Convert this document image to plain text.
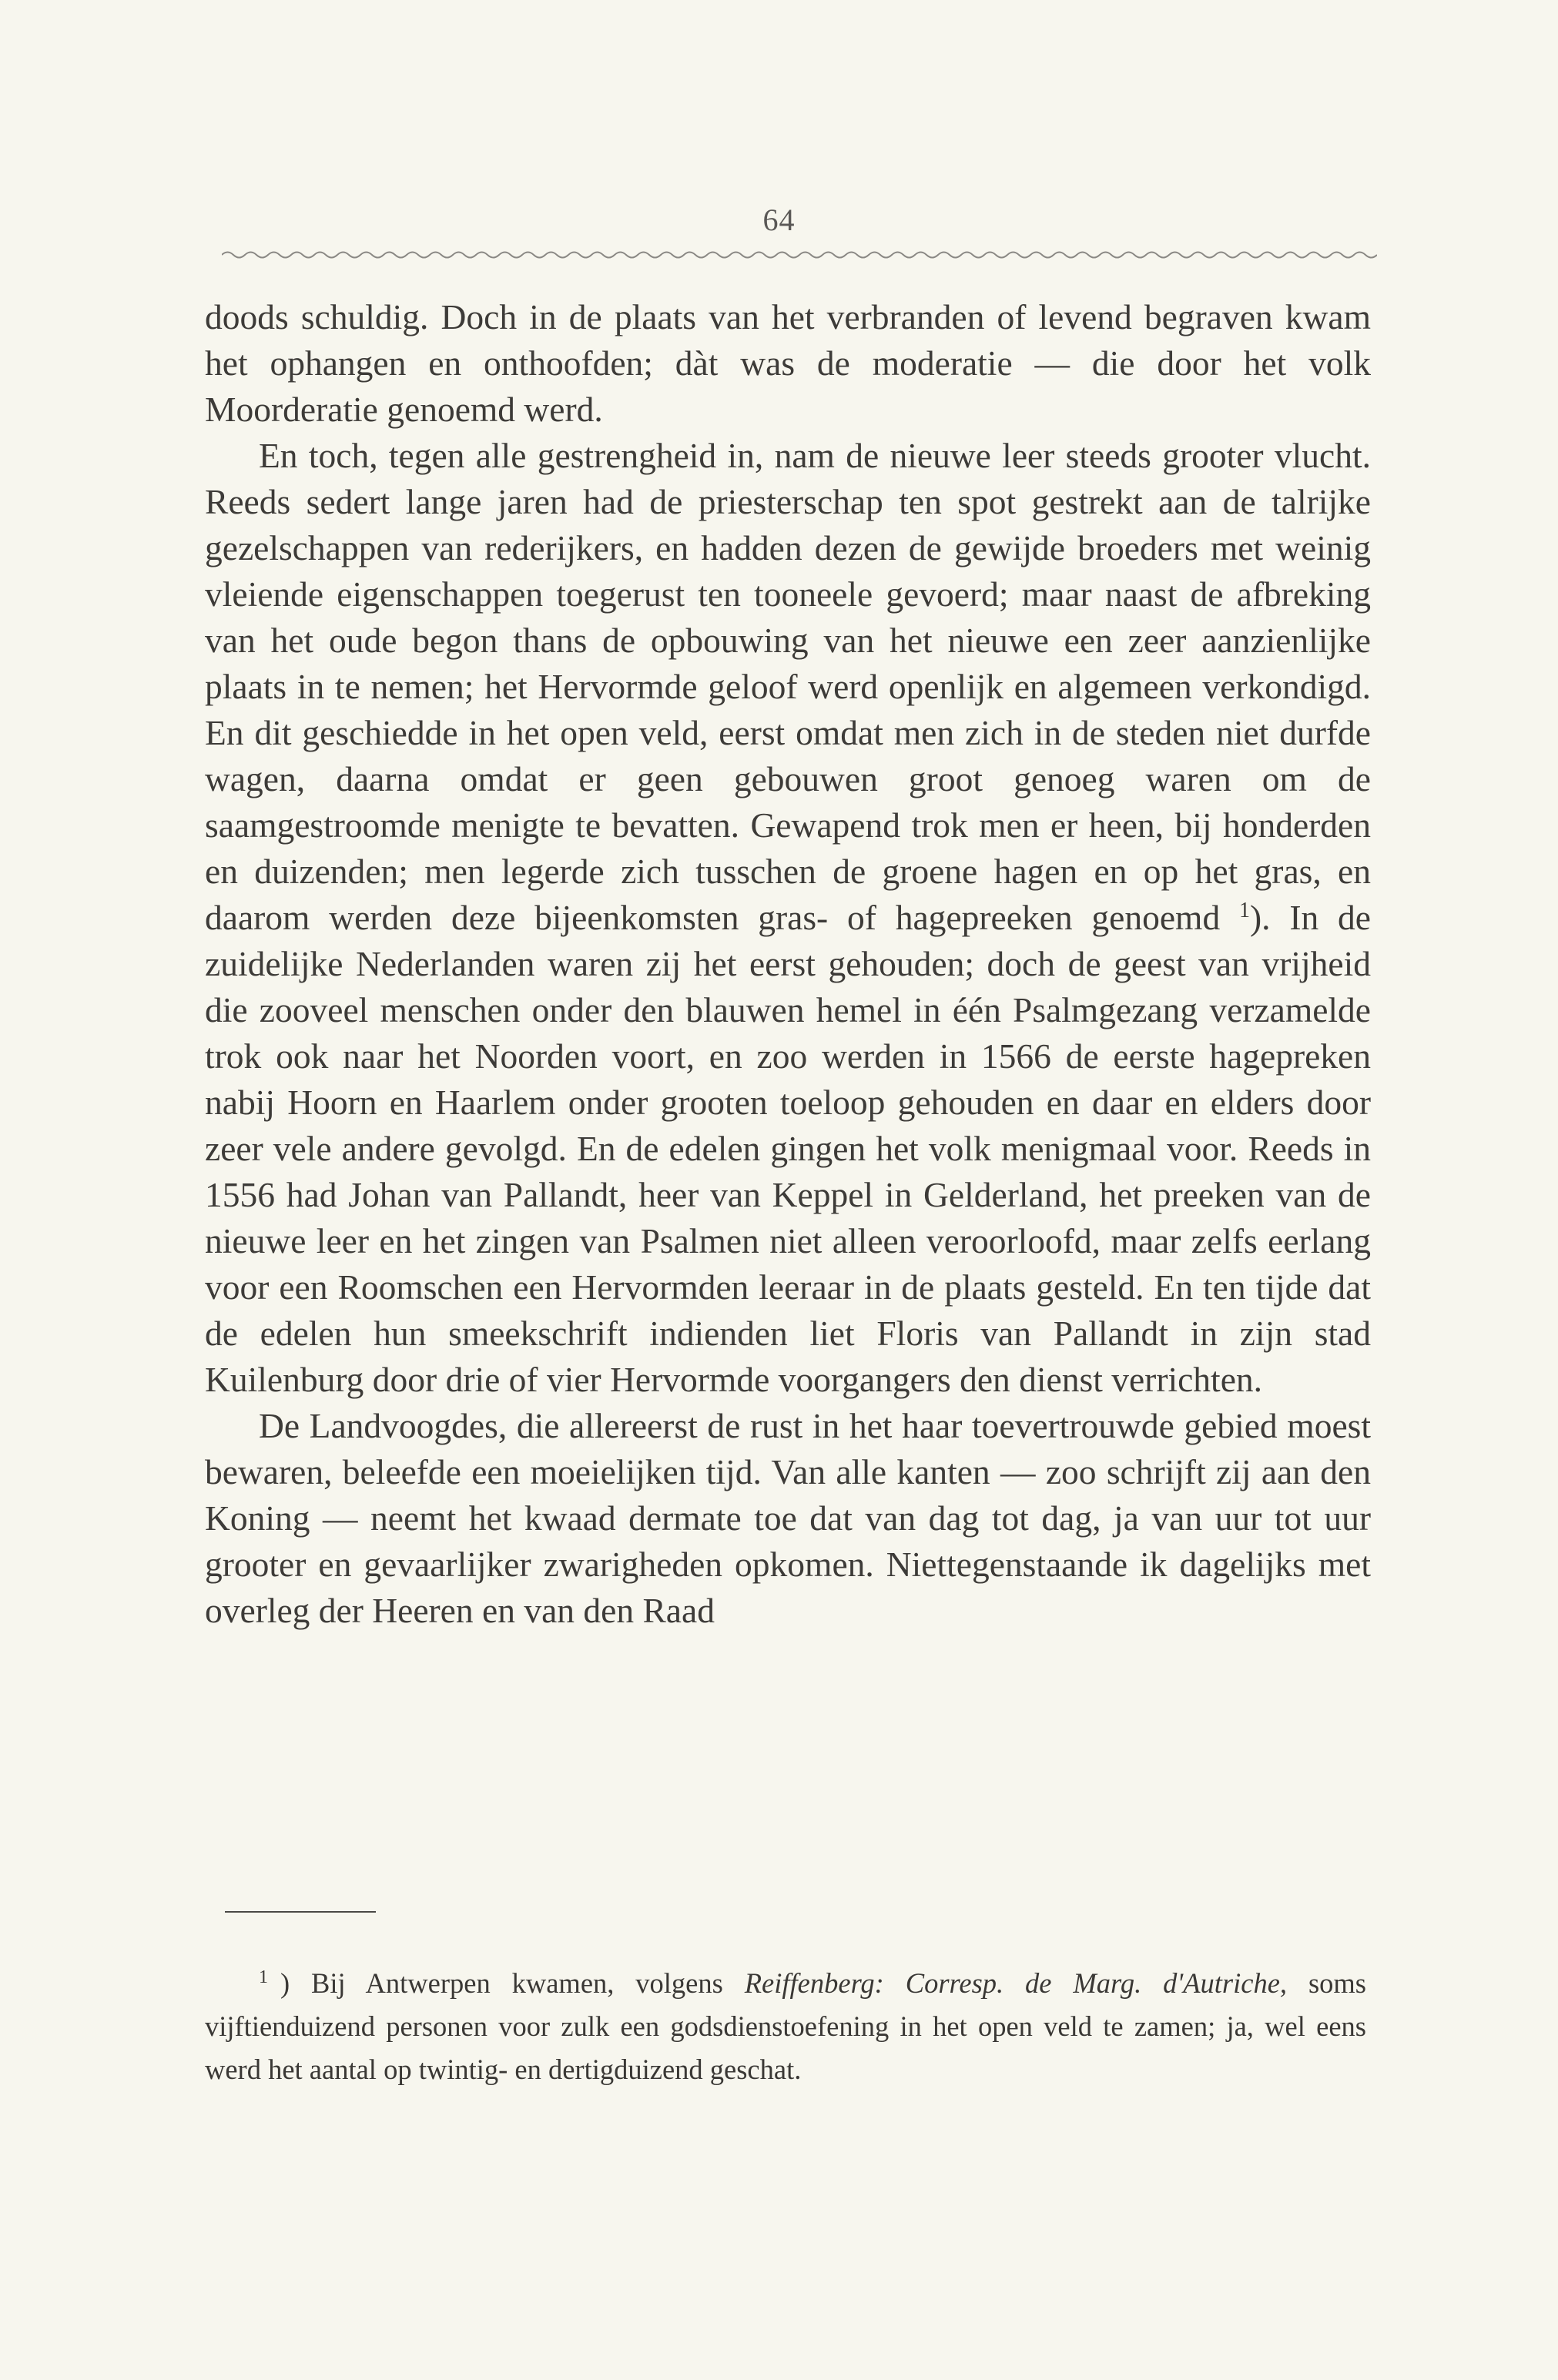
64

doods schuldig. Doch in de plaats van het verbranden of levend begraven kwam het ophangen en onthoofden; dàt was de moderatie — die door het volk Moorderatie genoemd werd.

En toch, tegen alle gestrengheid in, nam de nieuwe leer steeds grooter vlucht. Reeds sedert lange jaren had de priesterschap ten spot gestrekt aan de talrijke gezelschappen van rederijkers, en hadden dezen de gewijde broeders met weinig vleiende eigenschappen toegerust ten tooneele gevoerd; maar naast de afbreking van het oude begon thans de opbouwing van het nieuwe een zeer aanzienlijke plaats in te nemen; het Hervormde geloof werd openlijk en algemeen verkondigd. En dit geschiedde in het open veld, eerst omdat men zich in de steden niet durfde wagen, daarna omdat er geen gebouwen groot genoeg waren om de saamgestroomde menigte te bevatten. Gewapend trok men er heen, bij honderden en duizenden; men legerde zich tusschen de groene hagen en op het gras, en daarom werden deze bijeenkomsten gras- of hagepreeken genoemd $^1$). In de zuidelijke Nederlanden waren zij het eerst gehouden; doch de geest van vrijheid die zooveel menschen onder den blauwen hemel in één Psalmgezang verzamelde trok ook naar het Noorden voort, en zoo werden in 1566 de eerste hagepreken nabij Hoorn en Haarlem onder grooten toeloop gehouden en daar en elders door zeer vele andere gevolgd. En de edelen gingen het volk menigmaal voor. Reeds in 1556 had Johan van Pallandt, heer van Keppel in Gelderland, het preeken van de nieuwe leer en het zingen van Psalmen niet alleen veroorloofd, maar zelfs eerlang voor een Roomschen een Hervormden leeraar in de plaats gesteld. En ten tijde dat de edelen hun smeekschrift indienden liet Floris van Pallandt in zijn stad Kuilenburg door drie of vier Hervormde voorgangers den dienst verrichten.

De Landvoogdes, die allereerst de rust in het haar toevertrouwde gebied moest bewaren, beleefde een moeielijken tijd. Van alle kanten — zoo schrijft zij aan den Koning — neemt het kwaad dermate toe dat van dag tot dag, ja van uur tot uur grooter en gevaarlijker zwarigheden opkomen. Niettegenstaande ik dagelijks met overleg der Heeren en van den Raad

$^1$ ) Bij Antwerpen kwamen, volgens Reiffenberg: Corresp. de Marg. d'Autriche, soms vijftienduizend personen voor zulk een godsdienstoefening in het open veld te zamen; ja, wel eens werd het aantal op twintig- en dertigduizend geschat.
